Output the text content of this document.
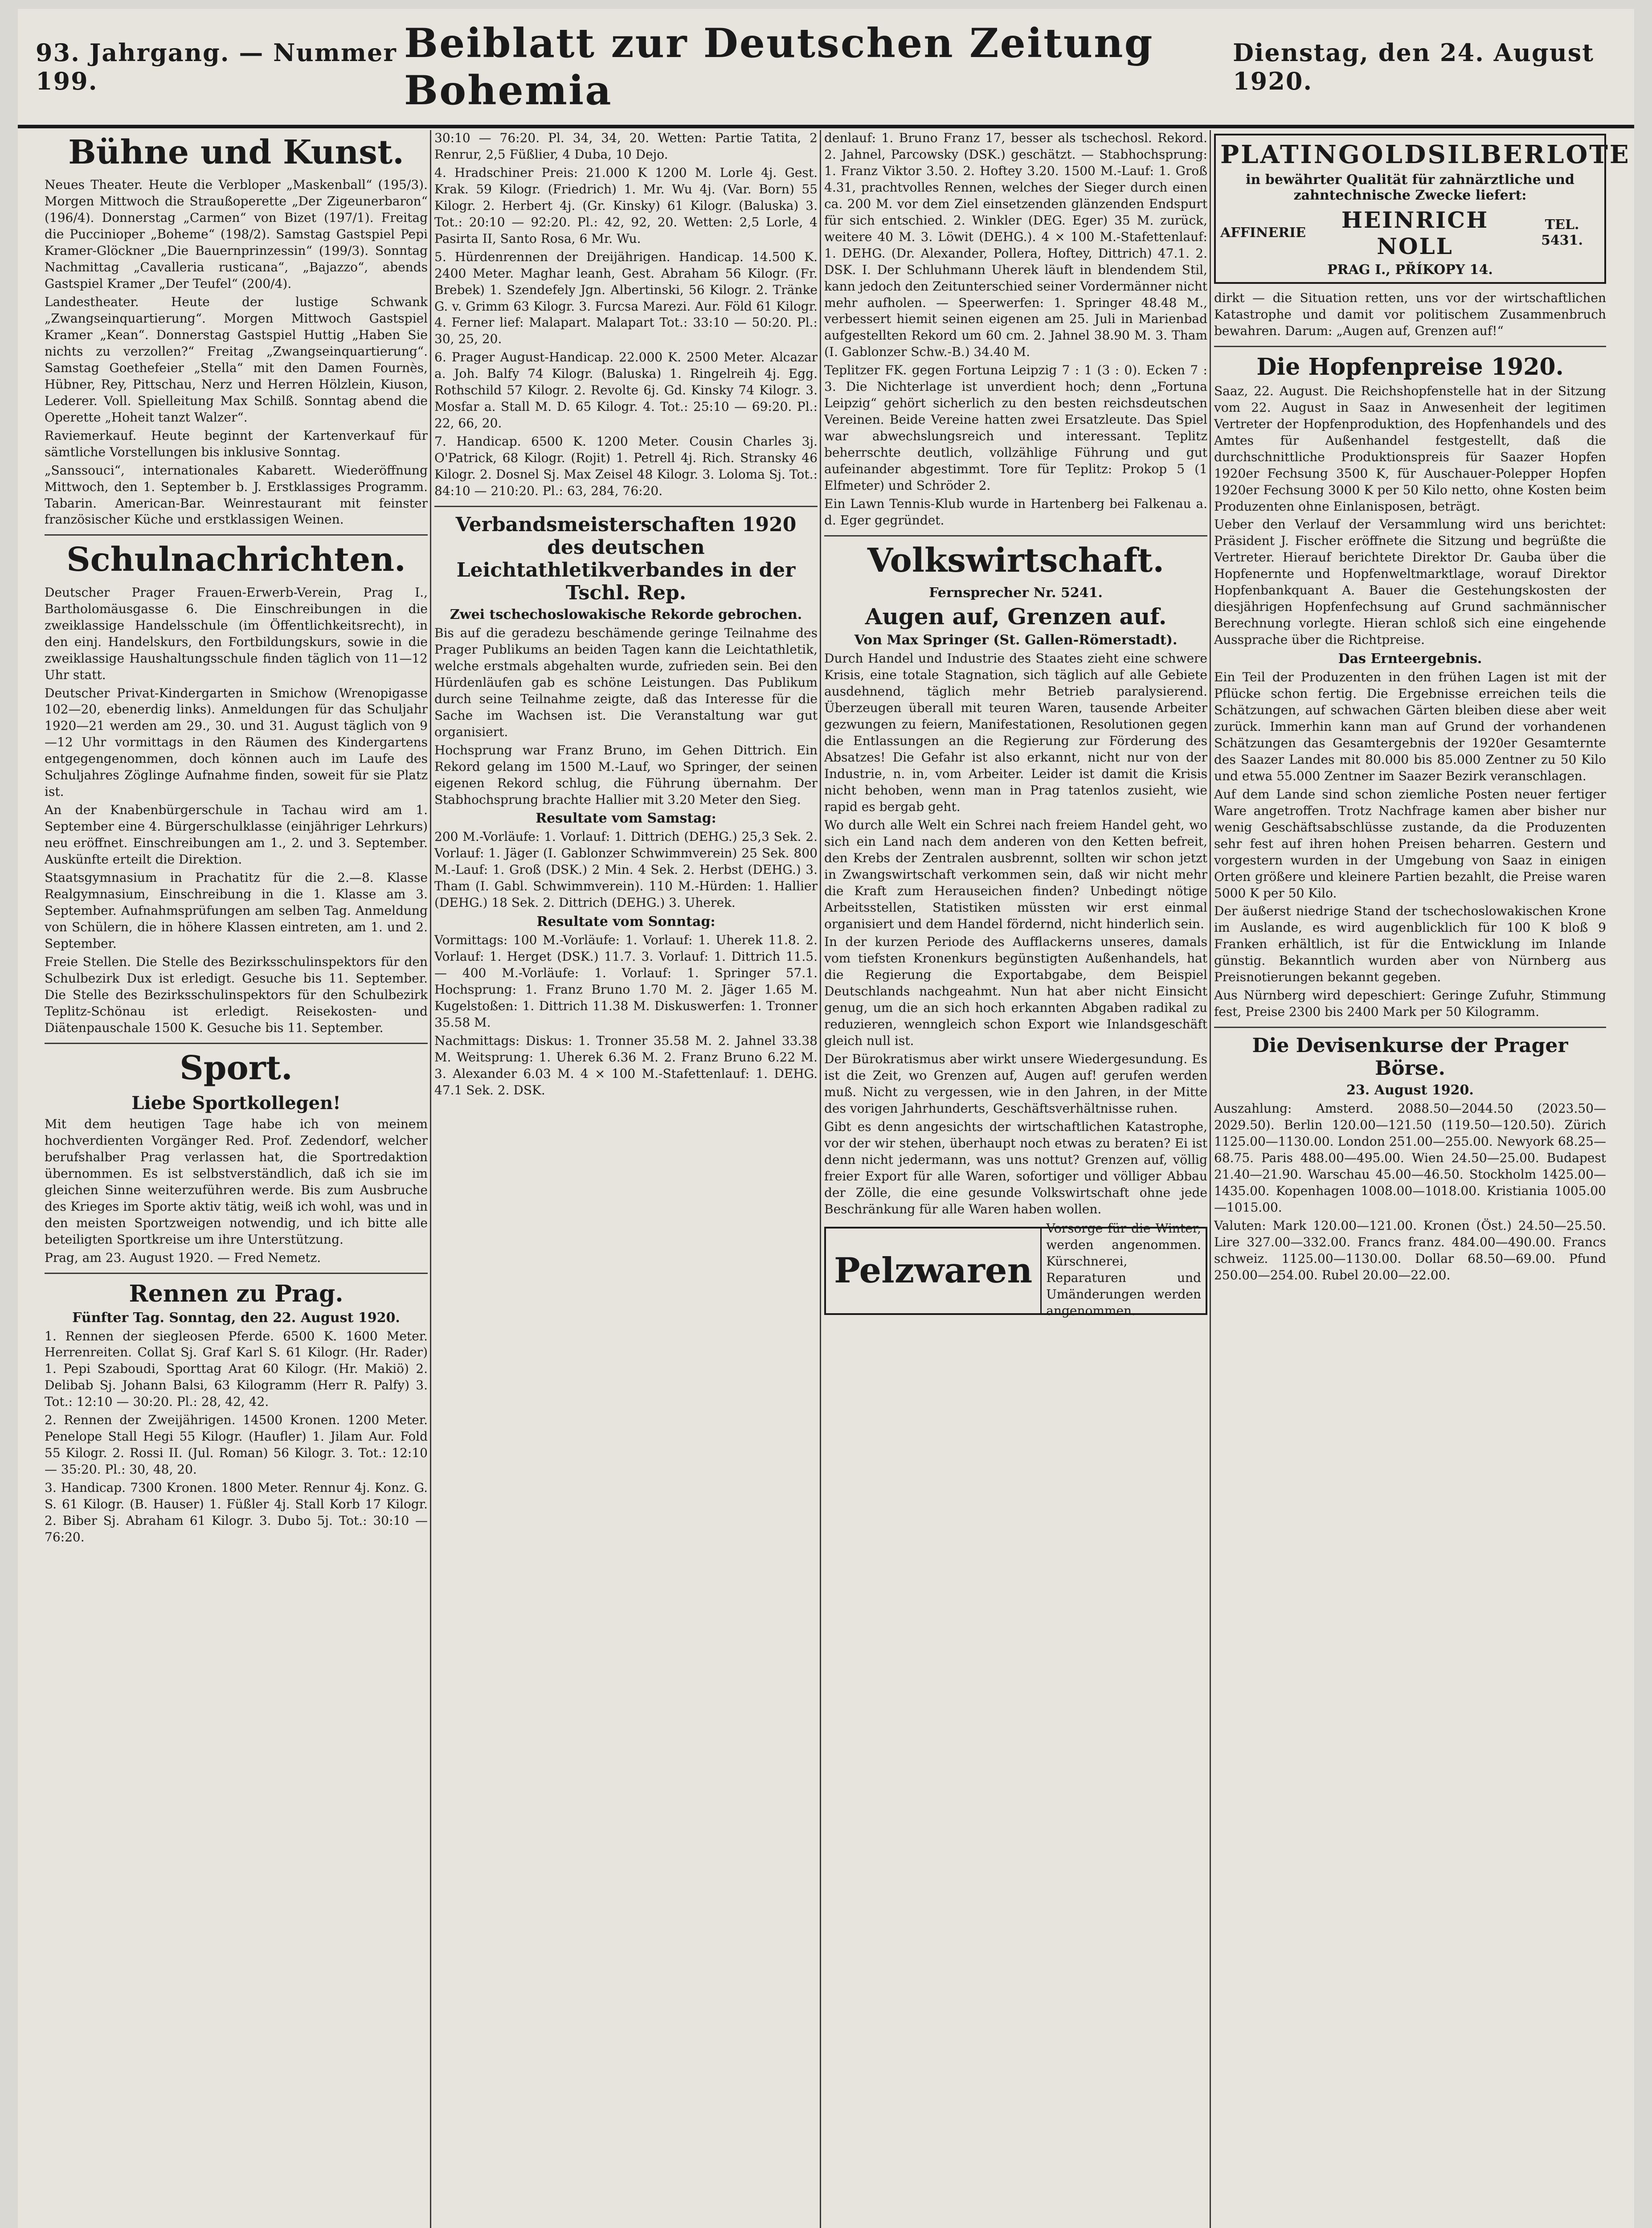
93. Jahrgang. — Nummer 199.
Beiblatt zur Deutschen Zeitung Bohemia
Dienstag, den 24. August 1920.
Bühne und Kunst.

Neues Theater. Heute die Verbloper „Maskenball“ (195/3). Morgen Mittwoch die Straußoperette „Der Zigeunerbaron“ (196/4). Donnerstag „Carmen“ von Bizet (197/1). Freitag die Puccinioper „Boheme“ (198/2). Samstag Gastspiel Pepi Kramer-Glöckner „Die Bauernprinzessin“ (199/3). Sonntag Nachmittag „Cavalleria rusticana“, „Bajazzo“, abends Gastspiel Kramer „Der Teufel“ (200/4).

Landestheater. Heute der lustige Schwank „Zwangseinquartierung“. Morgen Mittwoch Gastspiel Kramer „Kean“. Donnerstag Gastspiel Huttig „Haben Sie nichts zu verzollen?“ Freitag „Zwangseinquartierung“. Samstag Goethefeier „Stella“ mit den Damen Fournès, Hübner, Rey, Pittschau, Nerz und Herren Hölzlein, Kiuson, Lederer. Voll. Spielleitung Max Schilß. Sonntag abend die Operette „Hoheit tanzt Walzer“.

Raviemerkauf. Heute beginnt der Kartenverkauf für sämtliche Vorstellungen bis inklusive Sonntag.

„Sanssouci“, internationales Kabarett. Wiederöffnung Mittwoch, den 1. September b. J. Erstklassiges Programm. Tabarin. American-Bar. Weinrestaurant mit feinster französischer Küche und erstklassigen Weinen.

Schulnachrichten.

Deutscher Prager Frauen-Erwerb-Verein, Prag I., Bartholomäusgasse 6. Die Einschreibungen in die zweiklassige Handelsschule (im Öffentlichkeitsrecht), in den einj. Handelskurs, den Fortbildungskurs, sowie in die zweiklassige Haushaltungsschule finden täglich von 11—12 Uhr statt.

Deutscher Privat-Kindergarten in Smichow (Wrenopigasse 102—20, ebenerdig links). Anmeldungen für das Schuljahr 1920—21 werden am 29., 30. und 31. August täglich von 9—12 Uhr vormittags in den Räumen des Kindergartens entgegengenommen, doch können auch im Laufe des Schuljahres Zöglinge Aufnahme finden, soweit für sie Platz ist.

An der Knabenbürgerschule in Tachau wird am 1. September eine 4. Bürgerschulklasse (einjähriger Lehrkurs) neu eröffnet. Einschreibungen am 1., 2. und 3. September. Auskünfte erteilt die Direktion.

Staatsgymnasium in Prachatitz für die 2.—8. Klasse Realgymnasium, Einschreibung in die 1. Klasse am 3. September. Aufnahmsprüfungen am selben Tag. Anmeldung von Schülern, die in höhere Klassen eintreten, am 1. und 2. September.

Freie Stellen. Die Stelle des Bezirksschulinspektors für den Schulbezirk Dux ist erledigt. Gesuche bis 11. September. Die Stelle des Bezirksschulinspektors für den Schulbezirk Teplitz-Schönau ist erledigt. Reisekosten- und Diätenpauschale 1500 K. Gesuche bis 11. September.

Sport.
Liebe Sportkollegen!

Mit dem heutigen Tage habe ich von meinem hochverdienten Vorgänger Red. Prof. Zedendorf, welcher berufshalber Prag verlassen hat, die Sportredaktion übernommen. Es ist selbstverständlich, daß ich sie im gleichen Sinne weiterzuführen werde. Bis zum Ausbruche des Krieges im Sporte aktiv tätig, weiß ich wohl, was und in den meisten Sportzweigen notwendig, und ich bitte alle beteiligten Sportkreise um ihre Unterstützung.

Prag, am 23. August 1920. — Fred Nemetz.

Rennen zu Prag.
Fünfter Tag. Sonntag, den 22. August 1920.

1. Rennen der siegleosen Pferde. 6500 K. 1600 Meter. Herrenreiten. Collat Sj. Graf Karl S. 61 Kilogr. (Hr. Rader) 1. Pepi Szaboudi, Sporttag Arat 60 Kilogr. (Hr. Makiö) 2. Delibab Sj. Johann Balsi, 63 Kilogramm (Herr R. Palfy) 3. Tot.: 12:10 — 30:20. Pl.: 28, 42, 42.

2. Rennen der Zweijährigen. 14500 Kronen. 1200 Meter. Penelope Stall Hegi 55 Kilogr. (Haufler) 1. Jilam Aur. Fold 55 Kilogr. 2. Rossi II. (Jul. Roman) 56 Kilogr. 3. Tot.: 12:10 — 35:20. Pl.: 30, 48, 20.

3. Handicap. 7300 Kronen. 1800 Meter. Rennur 4j. Konz. G. S. 61 Kilogr. (B. Hauser) 1. Füßler 4j. Stall Korb 17 Kilogr. 2. Biber Sj. Abraham 61 Kilogr. 3. Dubo 5j. Tot.: 30:10 — 76:20.

30:10 — 76:20. Pl. 34, 34, 20. Wetten: Partie Tatita, 2 Renrur, 2,5 Füßlier, 4 Duba, 10 Dejo.

4. Hradschiner Preis: 21.000 K 1200 M. Lorle 4j. Gest. Krak. 59 Kilogr. (Friedrich) 1. Mr. Wu 4j. (Var. Born) 55 Kilogr. 2. Herbert 4j. (Gr. Kinsky) 61 Kilogr. (Baluska) 3. Tot.: 20:10 — 92:20. Pl.: 42, 92, 20. Wetten: 2,5 Lorle, 4 Pasirta II, Santo Rosa, 6 Mr. Wu.

5. Hürdenrennen der Dreijährigen. Handicap. 14.500 K. 2400 Meter. Maghar leanh, Gest. Abraham 56 Kilogr. (Fr. Brebek) 1. Szendefely Jgn. Albertinski, 56 Kilogr. 2. Tränke G. v. Grimm 63 Kilogr. 3. Furcsa Marezi. Aur. Föld 61 Kilogr. 4. Ferner lief: Malapart. Malapart Tot.: 33:10 — 50:20. Pl.: 30, 25, 20.

6. Prager August-Handicap. 22.000 K. 2500 Meter. Alcazar a. Joh. Balfy 74 Kilogr. (Baluska) 1. Ringelreih 4j. Egg. Rothschild 57 Kilogr. 2. Revolte 6j. Gd. Kinsky 74 Kilogr. 3. Mosfar a. Stall M. D. 65 Kilogr. 4. Tot.: 25:10 — 69:20. Pl.: 22, 66, 20.

7. Handicap. 6500 K. 1200 Meter. Cousin Charles 3j. O'Patrick, 68 Kilogr. (Rojit) 1. Petrell 4j. Rich. Stransky 46 Kilogr. 2. Dosnel Sj. Max Zeisel 48 Kilogr. 3. Loloma Sj. Tot.: 84:10 — 210:20. Pl.: 63, 284, 76:20.

Verbandsmeisterschaften 1920 des deutschen Leichtathletikverbandes in der Tschl. Rep.
Zwei tschechoslowakische Rekorde gebrochen.

Bis auf die geradezu beschämende geringe Teilnahme des Prager Publikums an beiden Tagen kann die Leichtathletik, welche erstmals abgehalten wurde, zufrieden sein. Bei den Hürdenläufen gab es schöne Leistungen. Das Publikum durch seine Teilnahme zeigte, daß das Interesse für die Sache im Wachsen ist. Die Veranstaltung war gut organisiert.

Hochsprung war Franz Bruno, im Gehen Dittrich. Ein Rekord gelang im 1500 M.-Lauf, wo Springer, der seinen eigenen Rekord schlug, die Führung übernahm. Der Stabhochsprung brachte Hallier mit 3.20 Meter den Sieg.

Resultate vom Samstag:

200 M.-Vorläufe: 1. Vorlauf: 1. Dittrich (DEHG.) 25,3 Sek. 2. Vorlauf: 1. Jäger (I. Gablonzer Schwimmverein) 25 Sek. 800 M.-Lauf: 1. Groß (DSK.) 2 Min. 4 Sek. 2. Herbst (DEHG.) 3. Tham (I. Gabl. Schwimmverein). 110 M.-Hürden: 1. Hallier (DEHG.) 18 Sek. 2. Dittrich (DEHG.) 3. Uherek.

Resultate vom Sonntag:

Vormittags: 100 M.-Vorläufe: 1. Vorlauf: 1. Uherek 11.8. 2. Vorlauf: 1. Herget (DSK.) 11.7. 3. Vorlauf: 1. Dittrich 11.5. — 400 M.-Vorläufe: 1. Vorlauf: 1. Springer 57.1. Hochsprung: 1. Franz Bruno 1.70 M. 2. Jäger 1.65 M. Kugelstoßen: 1. Dittrich 11.38 M. Diskuswerfen: 1. Tronner 35.58 M.

Nachmittags: Diskus: 1. Tronner 35.58 M. 2. Jahnel 33.38 M. Weitsprung: 1. Uherek 6.36 M. 2. Franz Bruno 6.22 M. 3. Alexander 6.03 M. 4 × 100 M.-Stafettenlauf: 1. DEHG. 47.1 Sek. 2. DSK.

denlauf: 1. Bruno Franz 17, besser als tschechosl. Rekord. 2. Jahnel, Parcowsky (DSK.) geschätzt. — Stabhochsprung: 1. Franz Viktor 3.50. 2. Hoftey 3.20. 1500 M.-Lauf: 1. Groß 4.31, prachtvolles Rennen, welches der Sieger durch einen ca. 200 M. vor dem Ziel einsetzenden glänzenden Endspurt für sich entschied. 2. Winkler (DEG. Eger) 35 M. zurück, weitere 40 M. 3. Löwit (DEHG.). 4 × 100 M.-Stafettenlauf: 1. DEHG. (Dr. Alexander, Pollera, Hoftey, Dittrich) 47.1. 2. DSK. I. Der Schluhmann Uherek läuft in blendendem Stil, kann jedoch den Zeitunterschied seiner Vordermänner nicht mehr aufholen. — Speerwerfen: 1. Springer 48.48 M., verbessert hiemit seinen eigenen am 25. Juli in Marienbad aufgestellten Rekord um 60 cm. 2. Jahnel 38.90 M. 3. Tham (I. Gablonzer Schw.-B.) 34.40 M.

Teplitzer FK. gegen Fortuna Leipzig 7 : 1 (3 : 0). Ecken 7 : 3. Die Nichterlage ist unverdient hoch; denn „Fortuna Leipzig“ gehört sicherlich zu den besten reichsdeutschen Vereinen. Beide Vereine hatten zwei Ersatzleute. Das Spiel war abwechslungsreich und interessant. Teplitz beherrschte deutlich, vollzählige Führung und gut aufeinander abgestimmt. Tore für Teplitz: Prokop 5 (1 Elfmeter) und Schröder 2.

Ein Lawn Tennis-Klub wurde in Hartenberg bei Falkenau a. d. Eger gegründet.

Volkswirtschaft.
Fernsprecher Nr. 5241.
Augen auf, Grenzen auf.
Von Max Springer (St. Gallen-Römerstadt).

Durch Handel und Industrie des Staates zieht eine schwere Krisis, eine totale Stagnation, sich täglich auf alle Gebiete ausdehnend, täglich mehr Betrieb paralysierend. Überzeugen überall mit teuren Waren, tausende Arbeiter gezwungen zu feiern, Manifestationen, Resolutionen gegen die Entlassungen an die Regierung zur Förderung des Absatzes! Die Gefahr ist also erkannt, nicht nur von der Industrie, n. in, vom Arbeiter. Leider ist damit die Krisis nicht behoben, wenn man in Prag tatenlos zusieht, wie rapid es bergab geht.

Wo durch alle Welt ein Schrei nach freiem Handel geht, wo sich ein Land nach dem anderen von den Ketten befreit, den Krebs der Zentralen ausbrennt, sollten wir schon jetzt in Zwangswirtschaft verkommen sein, daß wir nicht mehr die Kraft zum Herauseichen finden? Unbedingt nötige Arbeitsstellen, Statistiken müssten wir erst einmal organisiert und dem Handel fördernd, nicht hinderlich sein.

In der kurzen Periode des Aufflackerns unseres, damals vom tiefsten Kronenkurs begünstigten Außenhandels, hat die Regierung die Exportabgabe, dem Beispiel Deutschlands nachgeahmt. Nun hat aber nicht Einsicht genug, um die an sich hoch erkannten Abgaben radikal zu reduzieren, wenngleich schon Export wie Inlandsgeschäft gleich null ist.

Der Bürokratismus aber wirkt unsere Wiedergesundung. Es ist die Zeit, wo Grenzen auf, Augen auf! gerufen werden muß. Nicht zu vergessen, wie in den Jahren, in der Mitte des vorigen Jahrhunderts, Geschäftsverhältnisse ruhen.

Gibt es denn angesichts der wirtschaftlichen Katastrophe, vor der wir stehen, überhaupt noch etwas zu beraten? Ei ist denn nicht jedermann, was uns nottut? Grenzen auf, völlig freier Export für alle Waren, sofortiger und völliger Abbau der Zölle, die eine gesunde Volkswirtschaft ohne jede Beschränkung für alle Waren haben wollen.

Pelzwaren
Vorsorge für die Winter, werden angenommen. Kürschnerei, Reparaturen und Umänderungen werden angenommen.
PLATIN GOLD SILBER LOTE
in bewährter Qualität für zahnärztliche und zahntechnische Zwecke liefert:
AFFINERIE	HEINRICH NOLL
TEL. 5431.
PRAG I., PŘÍKOPY 14.

dirkt — die Situation retten, uns vor der wirtschaftlichen Katastrophe und damit vor politischem Zusammenbruch bewahren. Darum: „Augen auf, Grenzen auf!“

Die Hopfenpreise 1920.

Saaz, 22. August. Die Reichshopfenstelle hat in der Sitzung vom 22. August in Saaz in Anwesenheit der legitimen Vertreter der Hopfenproduktion, des Hopfenhandels und des Amtes für Außenhandel festgestellt, daß die durchschnittliche Produktionspreis für Saazer Hopfen 1920er Fechsung 3500 K, für Auschauer-Polepper Hopfen 1920er Fechsung 3000 K per 50 Kilo netto, ohne Kosten beim Produzenten ohne Einlanisposen, beträgt.

Ueber den Verlauf der Versammlung wird uns berichtet: Präsident J. Fischer eröffnete die Sitzung und begrüßte die Vertreter. Hierauf berichtete Direktor Dr. Gauba über die Hopfenernte und Hopfenweltmarktlage, worauf Direktor Hopfenbankquant A. Bauer die Gestehungskosten der diesjährigen Hopfenfechsung auf Grund sachmännischer Berechnung vorlegte. Hieran schloß sich eine eingehende Aussprache über die Richtpreise.

Das Ernteergebnis.

Ein Teil der Produzenten in den frühen Lagen ist mit der Pflücke schon fertig. Die Ergebnisse erreichen teils die Schätzungen, auf schwachen Gärten bleiben diese aber weit zurück. Immerhin kann man auf Grund der vorhandenen Schätzungen das Gesamtergebnis der 1920er Gesamternte des Saazer Landes mit 80.000 bis 85.000 Zentner zu 50 Kilo und etwa 55.000 Zentner im Saazer Bezirk veranschlagen.

Auf dem Lande sind schon ziemliche Posten neuer fertiger Ware angetroffen. Trotz Nachfrage kamen aber bisher nur wenig Geschäftsabschlüsse zustande, da die Produzenten sehr fest auf ihren hohen Preisen beharren. Gestern und vorgestern wurden in der Umgebung von Saaz in einigen Orten größere und kleinere Partien bezahlt, die Preise waren 5000 K per 50 Kilo.

Der äußerst niedrige Stand der tschechoslowakischen Krone im Auslande, es wird augenblicklich für 100 K bloß 9 Franken erhältlich, ist für die Entwicklung im Inlande günstig. Bekanntlich wurden aber von Nürnberg aus Preisnotierungen bekannt gegeben.

Aus Nürnberg wird depeschiert: Geringe Zufuhr, Stimmung fest, Preise 2300 bis 2400 Mark per 50 Kilogramm.

Die Devisenkurse der Prager Börse.
23. August 1920.

Auszahlung: Amsterd. 2088.50—2044.50 (2023.50—2029.50). Berlin 120.00—121.50 (119.50—120.50). Zürich 1125.00—1130.00. London 251.00—255.00. Newyork 68.25—68.75. Paris 488.00—495.00. Wien 24.50—25.00. Budapest 21.40—21.90. Warschau 45.00—46.50. Stockholm 1425.00—1435.00. Kopenhagen 1008.00—1018.00. Kristiania 1005.00—1015.00.

Valuten: Mark 120.00—121.00. Kronen (Öst.) 24.50—25.50. Lire 327.00—332.00. Francs franz. 484.00—490.00. Francs schweiz. 1125.00—1130.00. Dollar 68.50—69.00. Pfund 250.00—254.00. Rubel 20.00—22.00.
